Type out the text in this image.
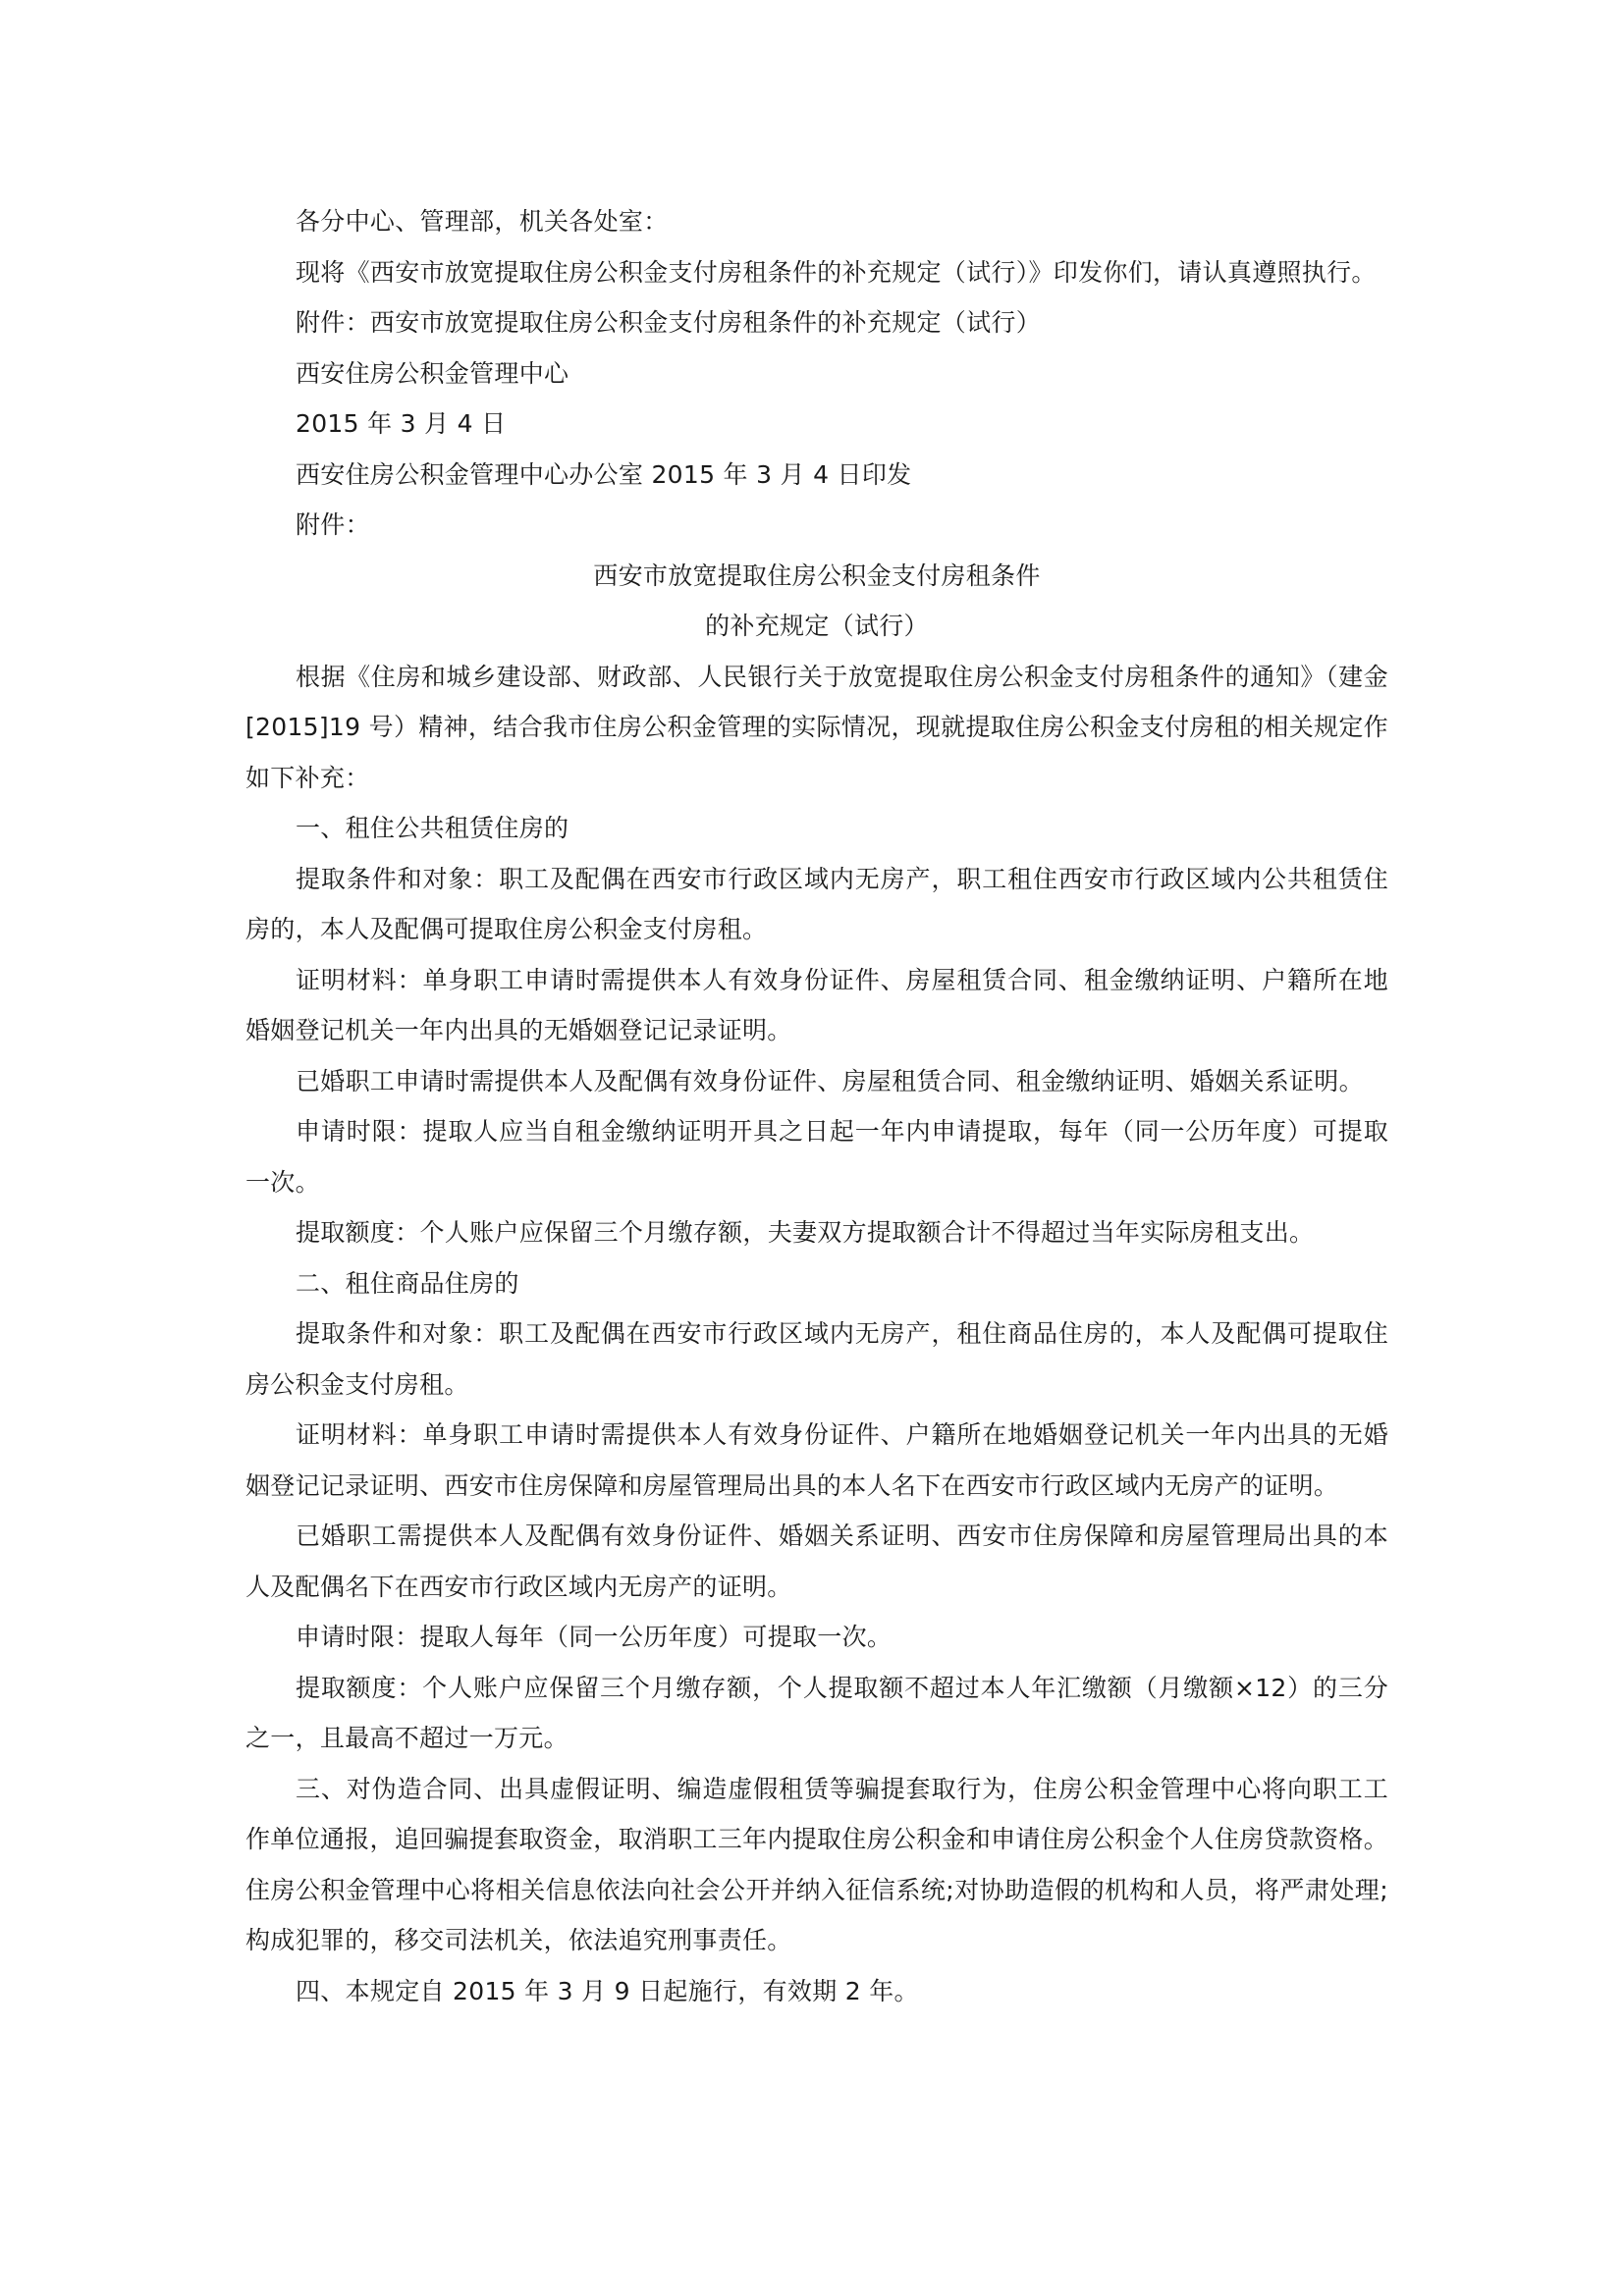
各分中心、管理部，机关各处室：

现将《西安市放宽提取住房公积金支付房租条件的补充规定（试行）》印发你们，请认真遵照执行。

附件：西安市放宽提取住房公积金支付房租条件的补充规定（试行）

西安住房公积金管理中心

2015 年 3 月 4 日

西安住房公积金管理中心办公室 2015 年 3 月 4 日印发

附件：

西安市放宽提取住房公积金支付房租条件

的补充规定（试行）

根据《住房和城乡建设部、财政部、人民银行关于放宽提取住房公积金支付房租条件的通知》（建金[2015]19 号）精神，结合我市住房公积金管理的实际情况，现就提取住房公积金支付房租的相关规定作如下补充：

一、租住公共租赁住房的

提取条件和对象：职工及配偶在西安市行政区域内无房产，职工租住西安市行政区域内公共租赁住房的，本人及配偶可提取住房公积金支付房租。

证明材料：单身职工申请时需提供本人有效身份证件、房屋租赁合同、租金缴纳证明、户籍所在地婚姻登记机关一年内出具的无婚姻登记记录证明。

已婚职工申请时需提供本人及配偶有效身份证件、房屋租赁合同、租金缴纳证明、婚姻关系证明。

申请时限：提取人应当自租金缴纳证明开具之日起一年内申请提取，每年（同一公历年度）可提取一次。

提取额度：个人账户应保留三个月缴存额，夫妻双方提取额合计不得超过当年实际房租支出。

二、租住商品住房的

提取条件和对象：职工及配偶在西安市行政区域内无房产，租住商品住房的，本人及配偶可提取住房公积金支付房租。

证明材料：单身职工申请时需提供本人有效身份证件、户籍所在地婚姻登记机关一年内出具的无婚姻登记记录证明、西安市住房保障和房屋管理局出具的本人名下在西安市行政区域内无房产的证明。

已婚职工需提供本人及配偶有效身份证件、婚姻关系证明、西安市住房保障和房屋管理局出具的本人及配偶名下在西安市行政区域内无房产的证明。

申请时限：提取人每年（同一公历年度）可提取一次。

提取额度：个人账户应保留三个月缴存额，个人提取额不超过本人年汇缴额（月缴额×12）的三分之一，且最高不超过一万元。

三、对伪造合同、出具虚假证明、编造虚假租赁等骗提套取行为，住房公积金管理中心将向职工工作单位通报，追回骗提套取资金，取消职工三年内提取住房公积金和申请住房公积金个人住房贷款资格。住房公积金管理中心将相关信息依法向社会公开并纳入征信系统;对协助造假的机构和人员，将严肃处理;构成犯罪的，移交司法机关，依法追究刑事责任。

四、本规定自 2015 年 3 月 9 日起施行，有效期 2 年。
